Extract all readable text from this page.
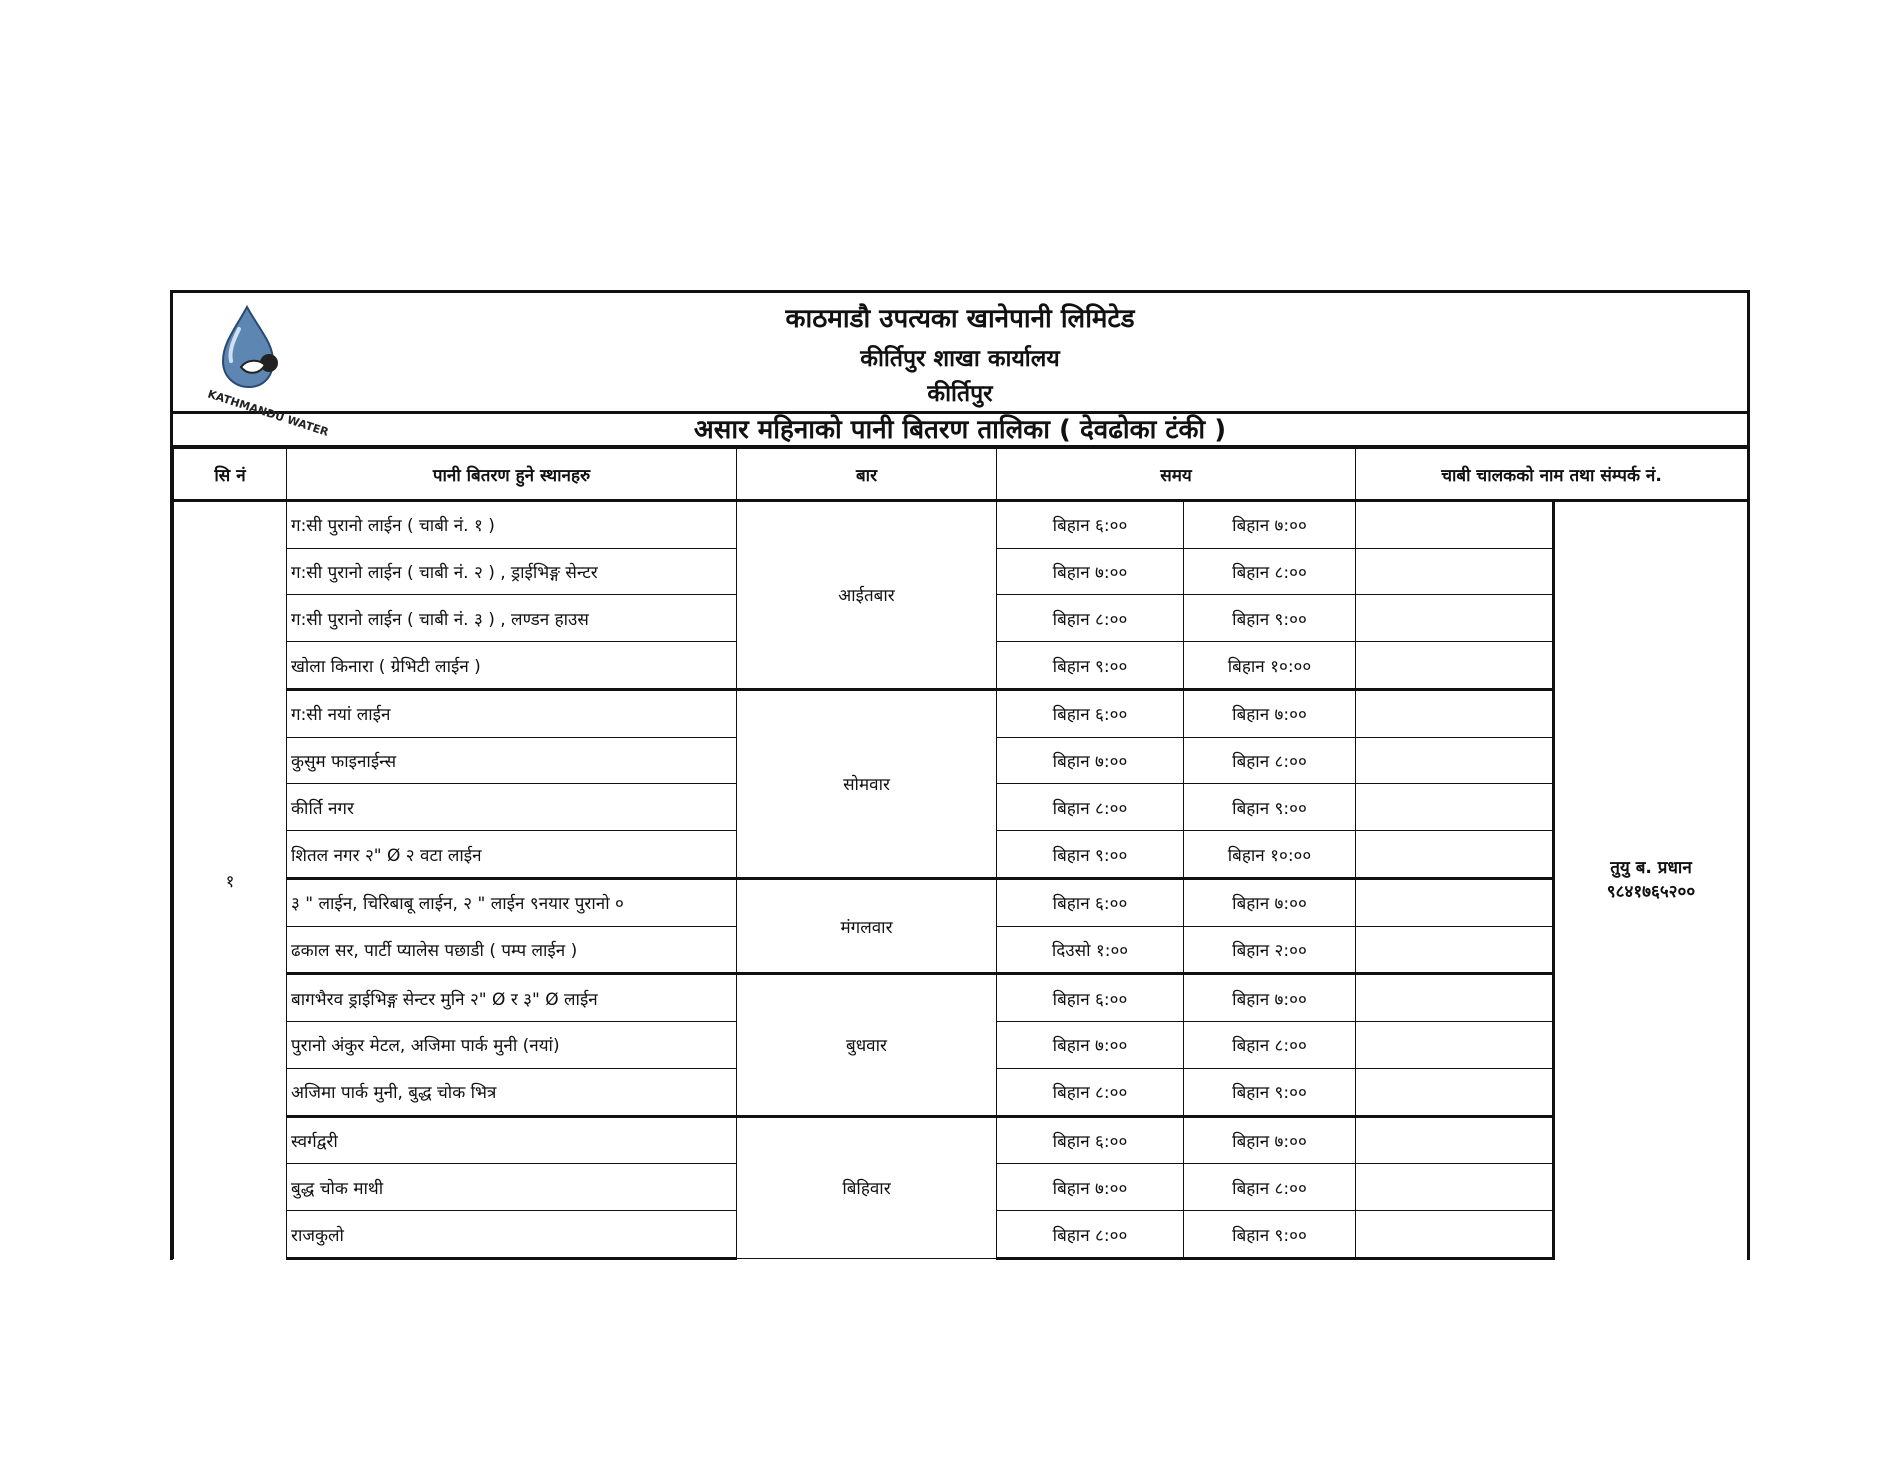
KATHMANDU WATER
काठमाडौ उपत्यका खानेपानी लिमिटेड
कीर्तिपुर शाखा कार्यालय
कीर्तिपुर
असार महिनाको पानी बितरण तालिका ( देवढोका टंकी )
सि नं	पानी बितरण हुने स्थानहरु	बार	समय		चाबी चालकको नाम तथा संम्पर्क नं.	
१	ग:सी पुरानो लाईन ( चाबी नं. १ )	आईतबार	बिहान ६:००	बिहान ७:००		तुयु ब. प्रधान
९८४१७६५२००

	ग:सी पुरानो लाईन ( चाबी नं. २ ) , ड्राईभिङ्ग सेन्टर		बिहान ७:००	बिहान ८:००		
	ग:सी पुरानो लाईन ( चाबी नं. ३ ) , लण्डन हाउस		बिहान ८:००	बिहान ९:००		
	खोला किनारा ( ग्रेभिटी लाईन )		बिहान ९:००	बिहान १०:००		
	ग:सी नयां लाईन	सोमवार	बिहान ६:००	बिहान ७:००		
	कुसुम फाइनाईन्स		बिहान ७:००	बिहान ८:००		
	कीर्ति नगर		बिहान ८:००	बिहान ९:००		
	शितल नगर २" Ø २ वटा लाईन		बिहान ९:००	बिहान १०:००		
	३ " लाईन, चिरिबाबू लाईन, २ " लाईन ९नयार पुरानो ०	मंगलवार	बिहान ६:००	बिहान ७:००		
	ढकाल सर, पार्टी प्यालेस पछाडी ( पम्प लाईन )		दिउसो १:००	बिहान २:००		
	बागभैरव ड्राईभिङ्ग सेन्टर मुनि २" Ø र ३" Ø लाईन	बुधवार	बिहान ६:००	बिहान ७:००		
	पुरानो अंकुर मेटल, अजिमा पार्क मुनी (नयां)		बिहान ७:००	बिहान ८:००		
	अजिमा पार्क मुनी, बुद्ध चोक भित्र		बिहान ८:००	बिहान ९:००		
	स्वर्गद्वरी	बिहिवार	बिहान ६:००	बिहान ७:००		
	बुद्ध चोक माथी		बिहान ७:००	बिहान ८:००		
	राजकुलो		बिहान ८:००	बिहान ९:००		
